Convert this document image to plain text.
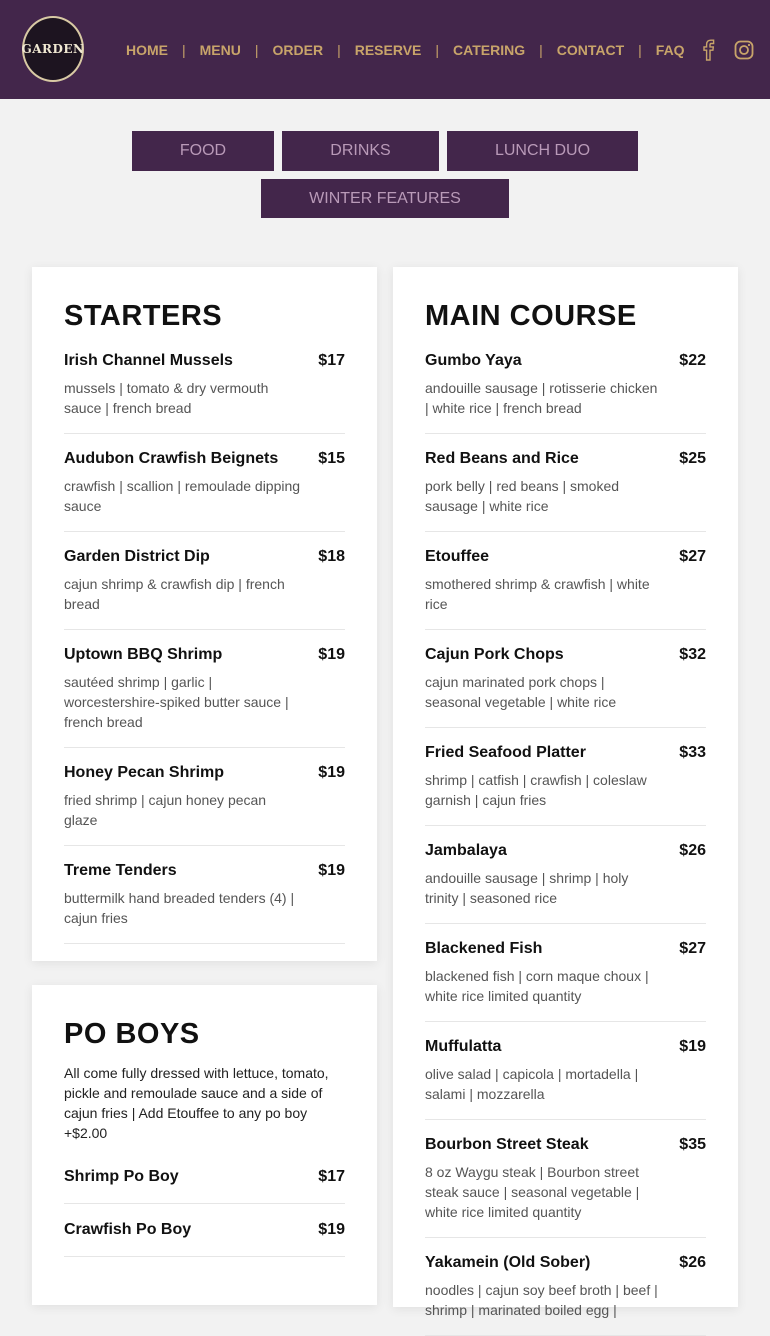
GARDEN	HOME	|	MENU	|	ORDER	|	RESERVE	|	CATERING	|	CONTACT	|	FAQ
FOOD	DRINKS	LUNCH DUO
WINTER FEATURES
STARTERS
Irish Channel Mussels	$17
mussels | tomato & dry vermouth sauce | french bread
Audubon Crawfish Beignets	$15
crawfish | scallion | remoulade dipping sauce
Garden District Dip	$18
cajun shrimp & crawfish dip | french bread
Uptown BBQ Shrimp	$19
sautéed shrimp | garlic | worcestershire-spiked butter sauce | french bread
Honey Pecan Shrimp	$19
fried shrimp | cajun honey pecan glaze
Treme Tenders	$19
buttermilk hand breaded tenders (4) | cajun fries
PO BOYS

All come fully dressed with lettuce, tomato, pickle and remoulade sauce and a side of cajun fries | Add Etouffee to any po boy +$2.00

Shrimp Po Boy	$17
Crawfish Po Boy	$19
MAIN COURSE
Gumbo Yaya	$22
andouille sausage | rotisserie chicken | white rice | french bread
Red Beans and Rice	$25
pork belly | red beans | smoked sausage | white rice
Etouffee	$27
smothered shrimp & crawfish | white rice
Cajun Pork Chops	$32
cajun marinated pork chops | seasonal vegetable | white rice
Fried Seafood Platter	$33
shrimp | catfish | crawfish | coleslaw garnish | cajun fries
Jambalaya	$26
andouille sausage | shrimp | holy trinity | seasoned rice
Blackened Fish	$27
blackened fish | corn maque choux | white rice limited quantity
Muffulatta	$19
olive salad | capicola | mortadella | salami | mozzarella
Bourbon Street Steak	$35
8 oz Waygu steak | Bourbon street steak sauce | seasonal vegetable | white rice limited quantity
Yakamein (Old Sober)	$26
noodles | cajun soy beef broth | beef | shrimp | marinated boiled egg |
